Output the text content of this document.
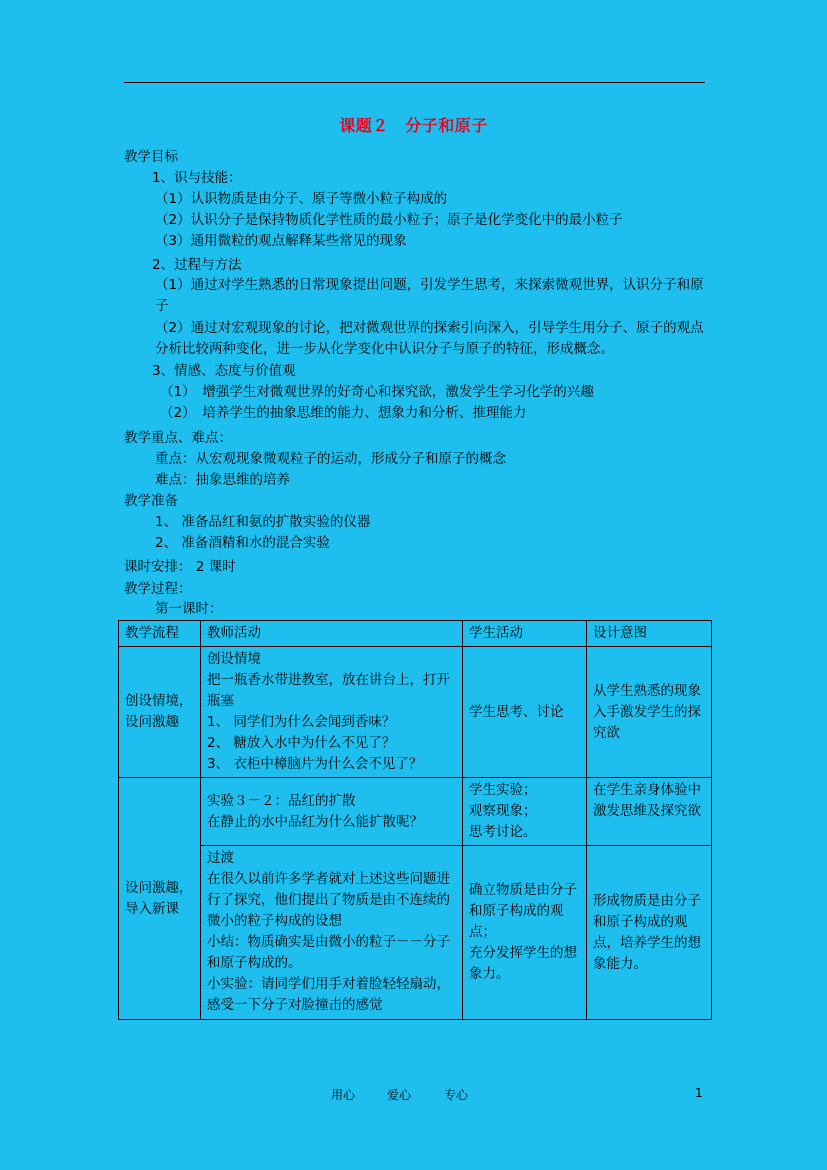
课题２　分子和原子
教学目标
1、识与技能：
（1）认识物质是由分子、原子等微小粒子构成的
（2）认识分子是保持物质化学性质的最小粒子；原子是化学变化中的最小粒子
（3）通用微粒的观点解释某些常见的现象
2、过程与方法
（1）通过对学生熟悉的日常现象提出问题，引发学生思考，来探索微观世界，认识分子和原子
（2）通过对宏观现象的讨论，把对微观世界的探索引向深入，引导学生用分子、原子的观点分析比较两种变化，进一步从化学变化中认识分子与原子的特征，形成概念。
3、情感、态度与价值观
（1）　增强学生对微观世界的好奇心和探究欲，激发学生学习化学的兴趣
（2）　培养学生的抽象思维的能力、想象力和分析、推理能力
教学重点、难点：
重点：从宏观现象微观粒子的运动，形成分子和原子的概念
难点：抽象思维的培养
教学准备
1、 准备品红和氨的扩散实验的仪器
2、 准备酒精和水的混合实验
课时安排： 2 课时
教学过程：
第一课时：
教学流程	教师活动	学生活动	设计意图
创设情境，设问激趣	创设情境
把一瓶香水带进教室，放在讲台上，打开瓶塞
1、 同学们为什么会闻到香味？
2、 糖放入水中为什么不见了？
3、 衣柜中樟脑片为什么会不见了？	学生思考、讨论	从学生熟悉的现象入手激发学生的探究欲
设问激趣，导入新课	实验３－２：品红的扩散
在静止的水中品红为什么能扩散呢？	学生实验；
观察现象；
思考讨论。	在学生亲身体验中激发思维及探究欲

	过渡
在很久以前许多学者就对上述这些问题进行了探究，他们提出了物质是由不连续的微小的粒子构成的设想
小结：物质确实是由微小的粒子－－分子和原子构成的。
小实验：请同学们用手对着脸轻轻扇动，感受一下分子对脸撞击的感觉	确立物质是由分子和原子构成的观点；
充分发挥学生的想象力。	形成物质是由分子和原子构成的观点，培养学生的想象能力。
用心	爱心	专心	1
